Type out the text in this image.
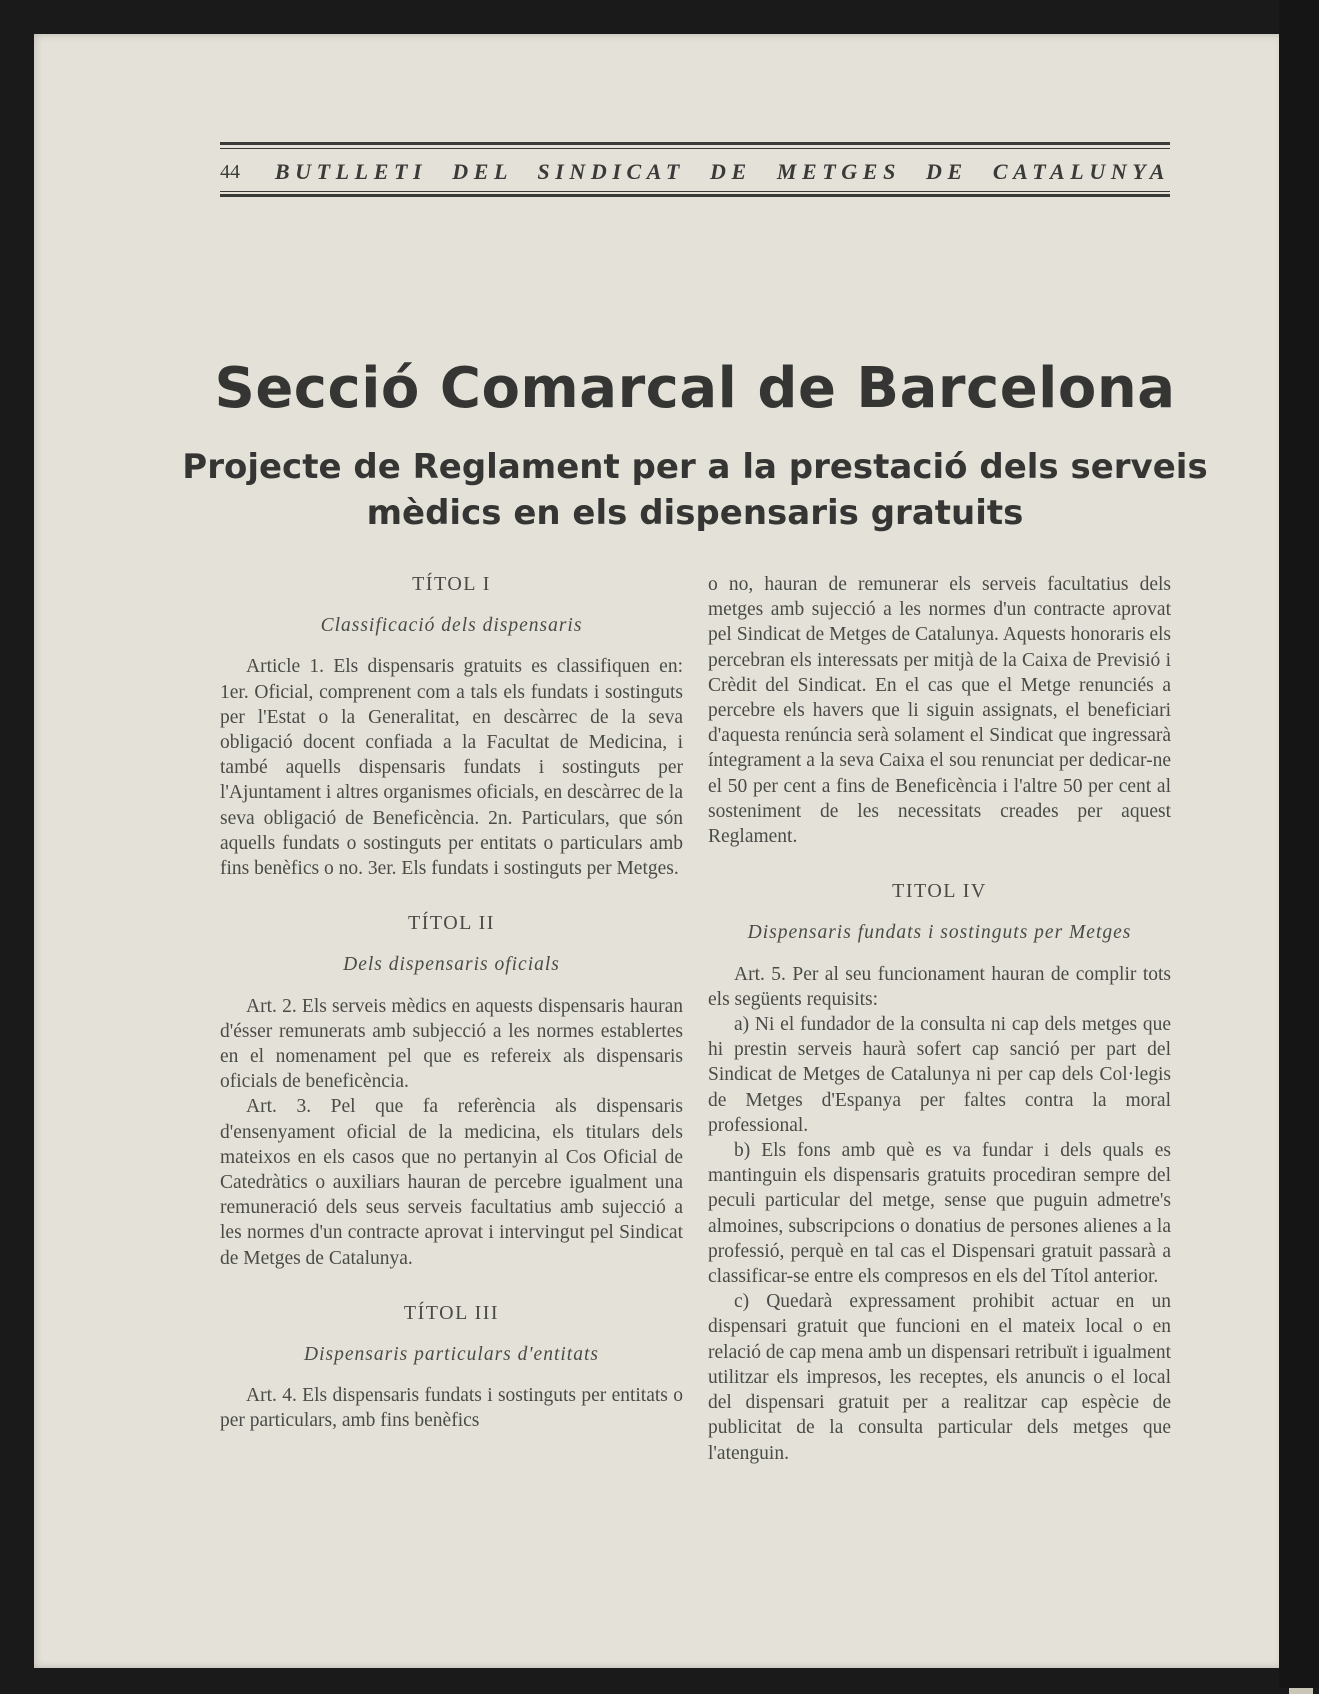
44	BUTLLETI DEL SINDICAT DE METGES DE CATALUNYA
Secció Comarcal de Barcelona
Projecte de Reglament per a la prestació dels serveis mèdics en els dispensaris gratuits
TÍTOL I
Classificació dels dispensaris

Article 1. Els dispensaris gratuits es classifiquen en: 1er. Oficial, comprenent com a tals els fundats i sostinguts per l'Estat o la Generalitat, en descàrrec de la seva obligació docent confiada a la Facultat de Medicina, i també aquells dispensaris fundats i sostinguts per l'Ajuntament i altres organismes oficials, en descàrrec de la seva obligació de Beneficència. 2n. Particulars, que són aquells fundats o sostinguts per entitats o particulars amb fins benèfics o no. 3er. Els fundats i sostinguts per Metges.

TÍTOL II
Dels dispensaris oficials

Art. 2. Els serveis mèdics en aquests dispensaris hauran d'ésser remunerats amb subjecció a les normes establertes en el nomenament pel que es refereix als dispensaris oficials de beneficència.

Art. 3. Pel que fa referència als dispensaris d'ensenyament oficial de la medicina, els titulars dels mateixos en els casos que no pertanyin al Cos Oficial de Catedràtics o auxiliars hauran de percebre igualment una remuneració dels seus serveis facultatius amb sujecció a les normes d'un contracte aprovat i intervingut pel Sindicat de Metges de Catalunya.

TÍTOL III
Dispensaris particulars d'entitats

Art. 4. Els dispensaris fundats i sostinguts per entitats o per particulars, amb fins benèfics

o no, hauran de remunerar els serveis facultatius dels metges amb sujecció a les normes d'un contracte aprovat pel Sindicat de Metges de Catalunya. Aquests honoraris els percebran els interessats per mitjà de la Caixa de Previsió i Crèdit del Sindicat. En el cas que el Metge renunciés a percebre els havers que li siguin assignats, el beneficiari d'aquesta renúncia serà solament el Sindicat que ingressarà íntegrament a la seva Caixa el sou renunciat per dedicar-ne el 50 per cent a fins de Beneficència i l'altre 50 per cent al sosteniment de les necessitats creades per aquest Reglament.

TITOL IV
Dispensaris fundats i sostinguts per Metges

Art. 5. Per al seu funcionament hauran de complir tots els següents requisits:

a) Ni el fundador de la consulta ni cap dels metges que hi prestin serveis haurà sofert cap sanció per part del Sindicat de Metges de Catalunya ni per cap dels Col·legis de Metges d'Espanya per faltes contra la moral professional.

b) Els fons amb què es va fundar i dels quals es mantinguin els dispensaris gratuits procediran sempre del peculi particular del metge, sense que puguin admetre's almoines, subscripcions o donatius de persones alienes a la professió, perquè en tal cas el Dispensari gratuit passarà a classificar-se entre els compresos en els del Títol anterior.

c) Quedarà expressament prohibit actuar en un dispensari gratuit que funcioni en el mateix local o en relació de cap mena amb un dispensari retribuït i igualment utilitzar els impresos, les receptes, els anuncis o el local del dispensari gratuit per a realitzar cap espècie de publicitat de la consulta particular dels metges que l'atenguin.
